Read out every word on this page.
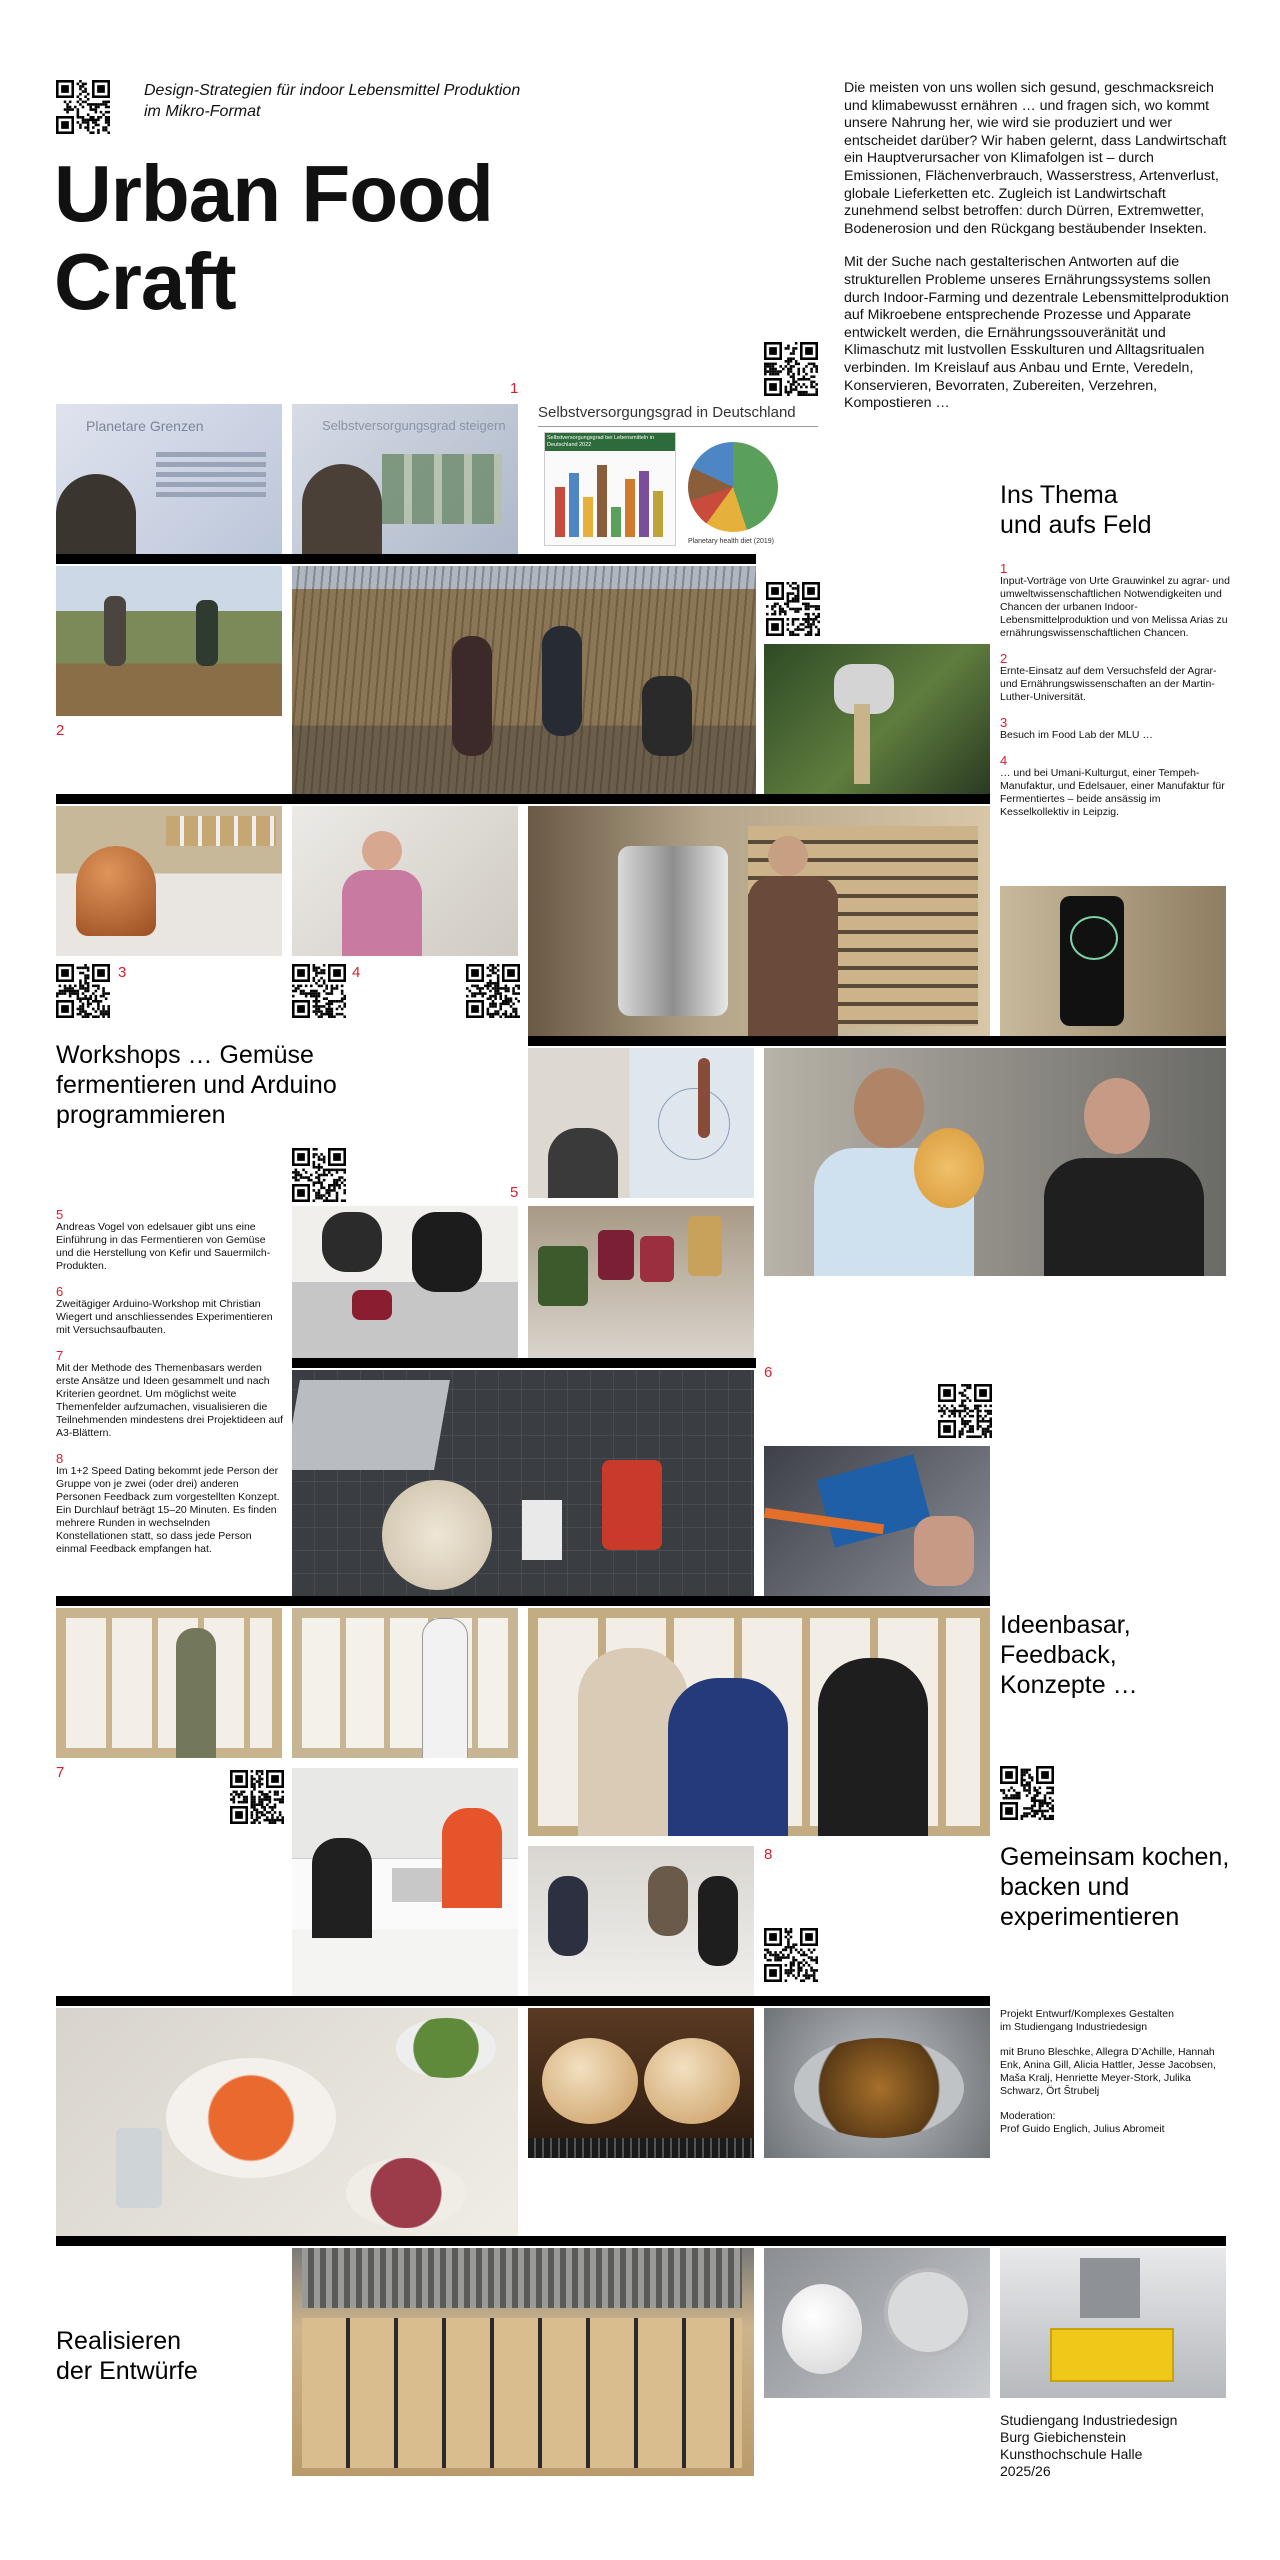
Design-Strategien für indoor Lebensmittel Produktion
im Mikro-Format
Urban Food
Craft

Die meisten von uns wollen sich gesund, geschmacksreich und klimabewusst ernähren … und fragen sich, wo kommt unsere Nahrung her, wie wird sie produziert und wer entscheidet darüber? Wir haben gelernt, dass Landwirtschaft ein Hauptverursacher von Klimafolgen ist – durch Emissionen, Flächenverbrauch, Wasserstress, Artenverlust, globale Lieferketten etc. Zugleich ist Landwirtschaft zunehmend selbst betroffen: durch Dürren, Extremwetter, Bodenerosion und den Rückgang bestäubender Insekten.

Mit der Suche nach gestalterischen Antworten auf die strukturellen Probleme unseres Ernährungssystems sollen durch Indoor-Farming und dezentrale Lebensmittelproduktion auf Mikroebene entsprechende Prozesse und Apparate entwickelt werden, die Ernährungssouveränität und Klimaschutz mit lustvollen Esskulturen und Alltagsritualen verbinden. Im Kreislauf aus Anbau und Ernte, Veredeln, Konservieren, Bevorraten, Zubereiten, Verzehren, Kompostieren …

1
Planetare Grenzen	Selbstversorgungsgrad steigern
Selbstversorgungsgrad in Deutschland
Selbstversorgungsgrad bei Lebensmitteln in Deutschland 2022
Planetary health diet (2019)
2
Ins Thema
und aufs Feld

1
Input-Vorträge von Urte Grauwinkel zu agrar- und umweltwissenschaftlichen Notwendigkeiten und Chancen der urbanen Indoor-Lebensmittelproduktion und von Melissa Arias zu ernährungswissenschaftlichen Chancen.

2
Ernte-Einsatz auf dem Versuchsfeld der Agrar- und Ernährungswissenschaften an der Martin-Luther-Universität.

3
Besuch im Food Lab der MLU …

4
… und bei Umani-Kulturgut, einer Tempeh-Manufaktur, und Edelsauer, einer Manufaktur für Fermentiertes – beide ansässig im Kesselkollektiv in Leipzig.

3	4
Workshops … Gemüse fermentieren und Arduino programmieren
5

5
Andreas Vogel von edelsauer gibt uns eine Einführung in das Fermentieren von Gemüse und die Herstellung von Kefir und Sauermilch-Produkten.

6
Zweitägiger Arduino-Workshop mit Christian Wiegert und anschliessendes Experimentieren mit Versuchsaufbauten.

7
Mit der Methode des Themenbasars werden erste Ansätze und Ideen gesammelt und nach Kriterien geordnet. Um möglichst weite Themenfelder aufzumachen, visualisieren die Teilnehmenden mindestens drei Projektideen auf A3-Blättern.

8
Im 1+2 Speed Dating bekommt jede Person der Gruppe von je zwei (oder drei) anderen Personen Feedback zum vorgestellten Konzept. Ein Durchlauf beträgt 15–20 Minuten. Es finden mehrere Runden in wechselnden Konstellationen statt, so dass jede Person einmal Feedback empfangen hat.

6
Ideenbasar,
Feedback,
Konzepte …
7
Gemeinsam kochen, backen und experimentieren
8

Projekt Entwurf/Komplexes Gestalten
im Studiengang Industriedesign

mit Bruno Bleschke, Allegra D’Achille, Hannah Enk, Anina Gill, Alicia Hattler, Jesse Jacobsen, Maša Kralj, Henriette Meyer-Stork, Julika Schwarz, Ört Štrubelj

Moderation:
Prof Guido Englich, Julius Abromeit

Realisieren
der Entwürfe
Studiengang Industriedesign
Burg Giebichenstein
Kunsthochschule Halle
2025/26
